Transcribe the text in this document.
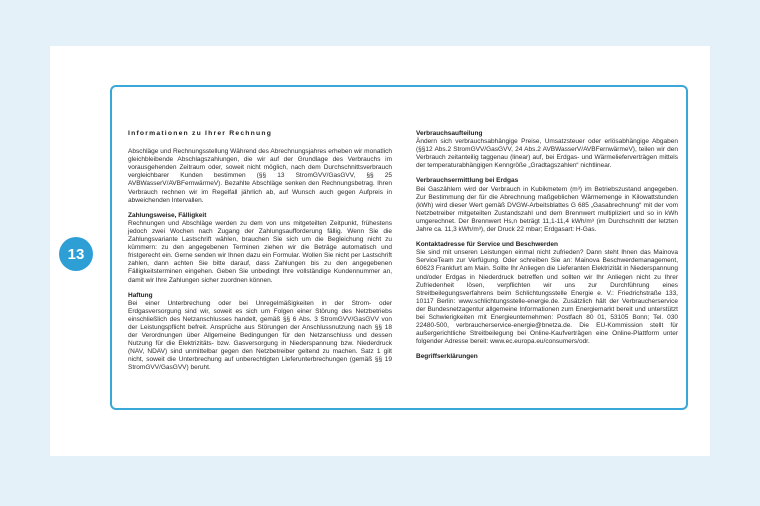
13
Informationen zu Ihrer Rechnung
Abschläge und Rechnungsstellung Während des Abrechnungsjahres erheben wir monatlich gleichbleibende Abschlagszahlungen, die wir auf der Grundlage des Verbrauchs im vorausgehenden Zeitraum oder, soweit nicht möglich, nach dem Durchschnittsverbrauch vergleichbarer Kunden bestimmen (§§ 13 StromGVV/GasGVV, §§ 25 AVBWasserV/AVBFernwärmeV). Bezahlte Abschläge senken den Rechnungsbetrag. Ihren Verbrauch rechnen wir im Regelfall jährlich ab, auf Wunsch auch gegen Aufpreis in abweichenden Intervallen.
Zahlungsweise, Fälligkeit
Rechnungen und Abschläge werden zu dem von uns mitgeteilten Zeitpunkt, frühestens jedoch zwei Wochen nach Zugang der Zahlungsaufforderung fällig. Wenn Sie die Zahlungsvariante Lastschrift wählen, brauchen Sie sich um die Begleichung nicht zu kümmern: zu den angegebenen Terminen ziehen wir die Beträge automatisch und fristgerecht ein. Gerne senden wir Ihnen dazu ein Formular. Wollen Sie nicht per Lastschrift zahlen, dann achten Sie bitte darauf, dass Zahlungen bis zu den angegebenen Fälligkeitsterminen eingehen. Geben Sie unbedingt Ihre vollständige Kundennummer an, damit wir Ihre Zahlungen sicher zuordnen können.
Haftung
Bei einer Unterbrechung oder bei Unregelmäßigkeiten in der Strom- oder Erdgasversorgung sind wir, soweit es sich um Folgen einer Störung des Netzbetriebs einschließlich des Netzanschlusses handelt, gemäß §§ 6 Abs. 3 StromGVV/GasGVV von der Leistungspflicht befreit. Ansprüche aus Störungen der Anschlussnutzung nach §§ 18 der Verordnungen über Allgemeine Bedingungen für den Netzanschluss und dessen Nutzung für die Elektrizitäts- bzw. Gasversorgung in Niederspannung bzw. Niederdruck (NAV, NDAV) sind unmittelbar gegen den Netzbetreiber geltend zu machen. Satz 1 gilt nicht, soweit die Unterbrechung auf unberechtigten Lieferunterbrechungen (gemäß §§ 19 StromGVV/GasGVV) beruht.
Verbrauchsaufteilung
Ändern sich verbrauchsabhängige Preise, Umsatzsteuer oder erlösabhängige Abgaben (§§12 Abs.2 StromGVV/GasGVV, 24 Abs.2 AVBWasserV/AVBFernwärmeV), teilen wir den Verbrauch zeitanteilig taggenau (linear) auf, bei Erdgas- und Wärmelieferverträgen mittels der temperaturabhängigen Kenngröße „Gradtagszahlen“ nichtlinear.
Verbrauchsermittlung bei Erdgas
Bei Gaszählern wird der Verbrauch in Kubikmetern (m³) im Betriebszustand angegeben. Zur Bestimmung der für die Abrechnung maßgeblichen Wärmemenge in Kilowattstunden (kWh) wird dieser Wert gemäß DVGW-Arbeitsblattes G 685 „Gasabrechnung“ mit der vom Netzbetreiber mitgeteilten Zustandszahl und dem Brennwert multipliziert und so in kWh umgerechnet. Der Brennwert Hs,n beträgt 11,1-11,4 kWh/m³ (im Durchschnitt der letzten Jahre ca. 11,3 kWh/m³), der Druck 22 mbar; Erdgasart: H-Gas.
Kontaktadresse für Service und Beschwerden
Sie sind mit unseren Leistungen einmal nicht zufrieden? Dann steht Ihnen das Mainova ServiceTeam zur Verfügung. Oder schreiben Sie an: Mainova Beschwerdemanagement, 60623 Frankfurt am Main. Sollte Ihr Anliegen die Lieferanten Elektrizität in Niederspannung und/oder Erdgas in Niederdruck betreffen und sollten wir Ihr Anliegen nicht zu Ihrer Zufriedenheit lösen, verpflichten wir uns zur Durchführung eines Streitbeilegungsverfahrens beim Schlichtungsstelle Energie e. V.: Friedrichstraße 133, 10117 Berlin: www.schlichtungsstelle-energie.de. Zusätzlich hält der Verbraucherservice der Bundesnetzagentur allgemeine Informationen zum Energiemarkt bereit und unterstützt bei Schwierigkeiten mit Energieunternehmen: Postfach 80 01, 53105 Bonn; Tel. 030 22480-500, verbraucherservice-energie@bnetza.de. Die EU-Kommission stellt für außergerichtliche Streitbeilegung bei Online-Kaufverträgen eine Online-Plattform unter folgender Adresse bereit: www.ec.europa.eu/consumers/odr.
Begriffserklärungen
